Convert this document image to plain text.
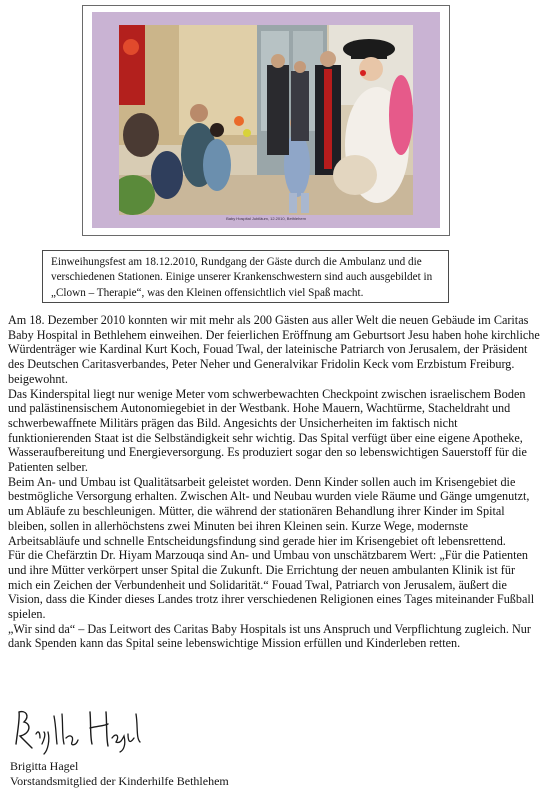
Baby Hospital Jubiläum, 12.2010, Bethlehem
Einweihungsfest am 18.12.2010, Rundgang der Gäste durch die Ambulanz und die verschiedenen Stationen. Einige unserer Krankenschwestern sind auch ausgebildet in „Clown – Therapie“, was den Kleinen offensichtlich viel Spaß macht.

Am 18. Dezember 2010 konnten wir mit mehr als 200 Gästen aus aller Welt die neuen Gebäude im Caritas Baby Hospital in Bethlehem einweihen. Der feierlichen Eröffnung am Geburtsort Jesu haben hohe kirchliche Würdenträger wie Kardinal Kurt Koch, Fouad Twal, der lateinische Patriarch von Jerusalem, der Präsident des Deutschen Caritasverbandes, Peter Neher und Generalvikar Fridolin Keck vom Erzbistum Freiburg. beigewohnt.

Das Kinderspital liegt nur wenige Meter vom schwerbewachten Checkpoint zwischen israelischem Boden und palästinensischem Autonomiegebiet in der Westbank. Hohe Mauern, Wachtürme, Stacheldraht und schwerbewaffnete Militärs prägen das Bild. Angesichts der Unsicherheiten im faktisch nicht funktionierenden Staat ist die Selbständigkeit sehr wichtig. Das Spital verfügt über eine eigene Apotheke, Wasseraufbereitung und Energieversorgung. Es produziert sogar den so lebenswichtigen Sauerstoff für die Patienten selber.

Beim An- und Umbau ist Qualitätsarbeit geleistet worden. Denn Kinder sollen auch im Krisengebiet die bestmögliche Versorgung erhalten. Zwischen Alt- und Neubau wurden viele Räume und Gänge umgenutzt, um Abläufe zu beschleunigen. Mütter, die während der stationären Behandlung ihrer Kinder im Spital bleiben, sollen in allerhöchstens zwei Minuten bei ihren Kleinen sein. Kurze Wege, modernste Arbeitsabläufe und schnelle Entscheidungsfindung sind gerade hier im Krisengebiet oft lebensrettend.

Für die Chefärztin Dr. Hiyam Marzouqa sind An- und Umbau von unschätzbarem Wert: „Für die Patienten und ihre Mütter verkörpert unser Spital die Zukunft. Die Errichtung der neuen ambulanten Klinik ist für mich ein Zeichen der Verbundenheit und Solidarität.“ Fouad Twal, Patriarch von Jerusalem, äußert die Vision, dass die Kinder dieses Landes trotz ihrer verschiedenen Religionen eines Tages miteinander Fußball spielen.

„Wir sind da“ – Das Leitwort des Caritas Baby Hospitals ist uns Anspruch und Verpflichtung zugleich. Nur dank Spenden kann das Spital seine lebenswichtige Mission erfüllen und Kinderleben retten.

Brigitta Hagel
Vorstandsmitglied der Kinderhilfe Bethlehem
